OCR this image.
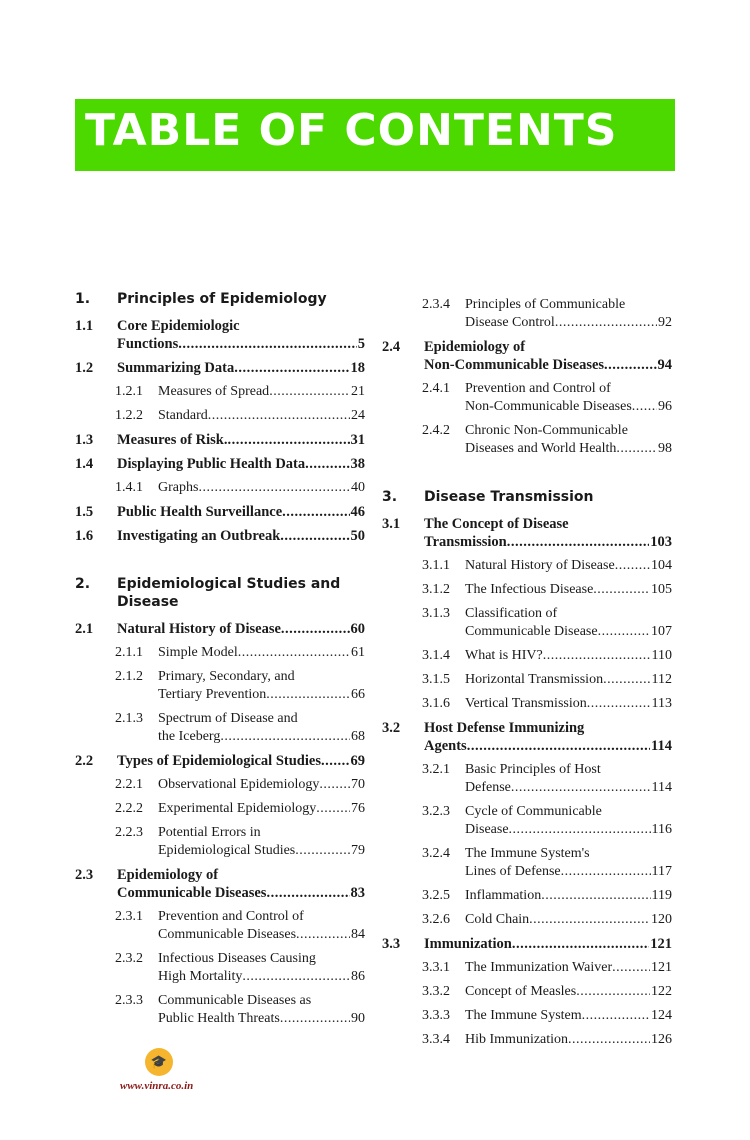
TABLE OF CONTENTS
1.	Principles of Epidemiology
1.1	Core Epidemiologic
Functions .....	5
1.2	Summarizing Data .....	18
1.2.1	Measures of Spread .....	21
1.2.2	Standard .....	24
1.3	Measures of Risk. .....	31
1.4	Displaying Public Health Data .....	38
1.4.1	Graphs .....	40
1.5	Public Health Surveillance .....	46
1.6	Investigating an Outbreak .....	50
2.	Epidemiological Studies and
Disease
2.1	Natural History of Disease .....	60
2.1.1	Simple Model .....	61
2.1.2	Primary, Secondary, and
Tertiary Prevention .....	66
2.1.3	Spectrum of Disease and
the Iceberg .....	68
2.2	Types of Epidemiological Studies ..... 69
2.2.1	Observational Epidemiology ..... 70
2.2.2	Experimental Epidemiology ..... 76
2.2.3	Potential Errors in
Epidemiological Studies .....	79
2.3	Epidemiology of
Communicable Diseases .....	83
2.3.1	Prevention and Control of
Communicable Diseases .....	84
2.3.2	Infectious Diseases Causing
High Mortality .....	86
2.3.3	Communicable Diseases as
Public Health Threats .....	90
2.3.4	Principles of Communicable
Disease Control .....	92
2.4	Epidemiology of
Non-Communicable Diseases .....	94
2.4.1	Prevention and Control of
Non-Communicable Diseases ..... 96
2.4.2	Chronic Non-Communicable
Diseases and World Health .....	98
3.	Disease Transmission
3.1	The Concept of Disease
Transmission .....	103
3.1.1	Natural History of Disease .....	104
3.1.2	The Infectious Disease .....	105
3.1.3	Classification of
Communicable Disease .....	107
3.1.4	What is HIV? .....	110
3.1.5	Horizontal Transmission .....	112
3.1.6	Vertical Transmission .....	113
3.2	Host Defense Immunizing
Agents .....	114
3.2.1	Basic Principles of Host
Defense .....	114
3.2.3	Cycle of Communicable
Disease .....	116
3.2.4	The Immune System's
Lines of Defense .....	117
3.2.5	Inflammation .....	119
3.2.6	Cold Chain .....	120
3.3	Immunization .....	121
3.3.1	The Immunization Waiver .....	121
3.3.2	Concept of Measles .....	122
3.3.3	The Immune System .....	124
3.3.4	Hib Immunization .....	126
🎓
www.vinra.co.in
